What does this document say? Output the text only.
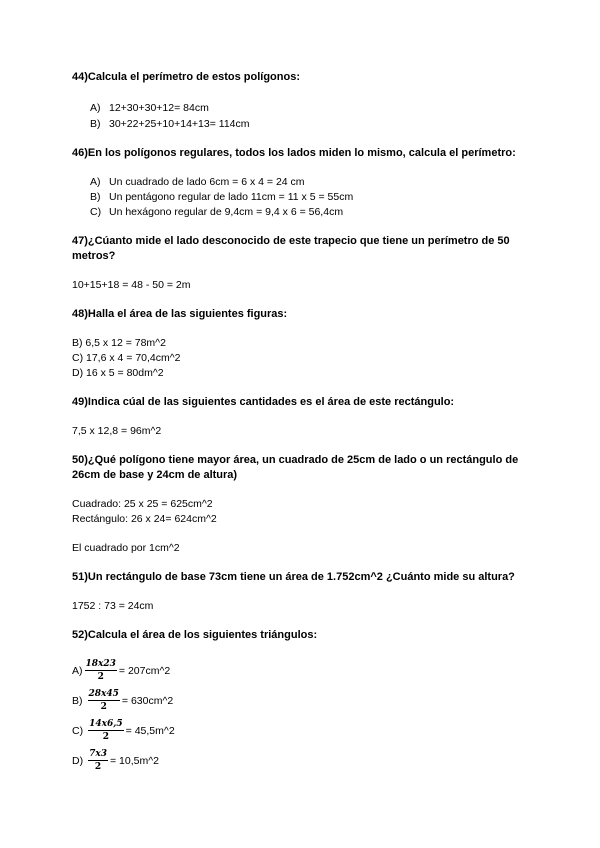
44)Calcula el perímetro de estos polígonos:
A) 12+30+30+12= 84cm
B) 30+22+25+10+14+13= 114cm
46)En los polígonos regulares, todos los lados miden lo mismo, calcula el perímetro:
A) Un cuadrado de lado 6cm = 6 x 4 = 24 cm
B) Un pentágono regular de lado 11cm = 11 x 5 = 55cm
C) Un hexágono regular de 9,4cm = 9,4 x 6 = 56,4cm
47)¿Cúanto mide el lado desconocido de este trapecio que tiene un perímetro de 50 metros?
10+15+18 = 48 - 50 = 2m
48)Halla el área de las siguientes figuras:
B) 6,5 x 12 = 78m^2
C) 17,6 x 4 = 70,4cm^2
D) 16 x 5 = 80dm^2
49)Indica cúal de las siguientes cantidades es el área de este rectángulo:
7,5 x 12,8 = 96m^2
50)¿Qué polígono tiene mayor área, un cuadrado de 25cm de lado o un rectángulo de 26cm de base y 24cm de altura)
Cuadrado: 25 x 25 = 625cm^2
Rectángulo: 26 x 24= 624cm^2
El cuadrado por 1cm^2
51)Un rectángulo de base 73cm tiene un área de 1.752cm^2 ¿Cuánto mide su altura?
1752 : 73 = 24cm
52)Calcula el área de los siguientes triángulos:
$A) \frac{18x23}{2}$ = 207cm^2
$B) \frac{28x45}{2}$ = 630cm^2
$C) \frac{14x6,5}{2}$ = 45,5m^2
$D) \frac{7x3}{2}$ = 10,5m^2
